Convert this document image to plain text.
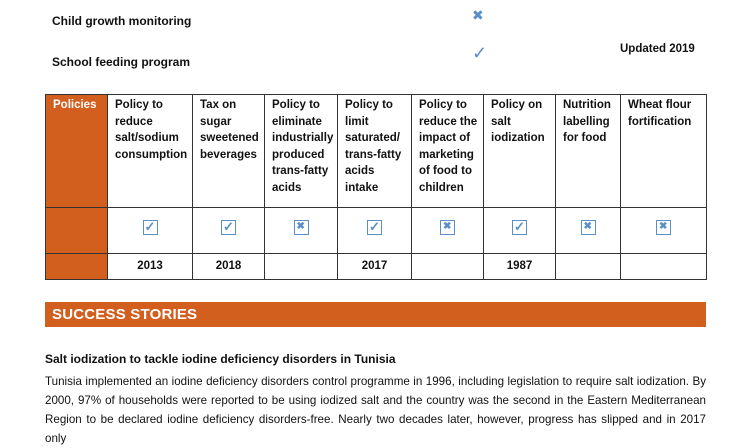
Child growth monitoring	✖
School feeding program	✓	Updated 2019
Policies	Policy to reduce salt/sodium consumption	Tax on sugar sweetened beverages	Policy to eliminate industrially produced trans-fatty acids	Policy to limit saturated/ trans-fatty acids intake	Policy to reduce the impact of marketing of food to children	Policy on salt iodization	Nutrition labelling for food	Wheat flour fortification

	✓	✓	✖	✓	✖	✓	✖	✖

	2013	2018		2017		1987		
SUCCESS STORIES
Salt iodization to tackle iodine deficiency disorders in Tunisia
Tunisia implemented an iodine deficiency disorders control programme in 1996, including legislation to require salt iodization. By 2000, 97% of households were reported to be using iodized salt and the country was the second in the Eastern Mediterranean Region to be declared iodine deficiency disorders-free. Nearly two decades later, however, progress has slipped and in 2017 only
